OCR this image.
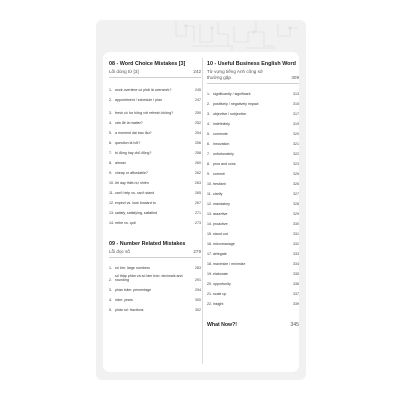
08 - Word Choice Mistakes [3]
Lối dùng từ [3]	242
1. work overtime có phải là overwork?	245
2. appointment / schedule / plan	247
3. fresh có hư hỏng với refresh không?	250
4. vấn đề là matter?	252
5. a moment dài bao lâu?	254
6. question là hỏi?	256
7. bị động hay chủ động?	258
8. almost	260
9. cheap or affordable?	262
10. lời dạy thiếu tự nhiên	263
11. can't help vs. can't stand	265
12. expect vs. look forward to	267
13. satisfy, satisfying, satisfied	271
14. retire vs. quit	273
09 - Number Related Mistakes
Lỗi đọc số	279
1. số lớn: large numbers	283
2.
số thập phân và số làm tròn: decimals and rounding	291
3. phần trăm: percentage	294
4. năm: years	300
5. phân số: fractions	302
10 - Useful Business English Word
Từ vựng tiếng Anh công sở thường gặp	309
1. significantly / significant	313
2. positively / negatively impact	315
3. objective / subjective	317
4. indefinitely	319
5. commute	320
6. innovation	321
7. unfortunately	322
8. pros and cons	323
9. commit	325
10. hesitant	326
11. clarify	327
12. mandatory	328
13. assertive	329
14. proactive	330
15. stand out	331
16. micromanage	332
17. delegate	333
18. maximize / minimize	334
19. elaborate	335
20. opportunity	336
21. scale up	337
22. insight	339
What Now?!	345
